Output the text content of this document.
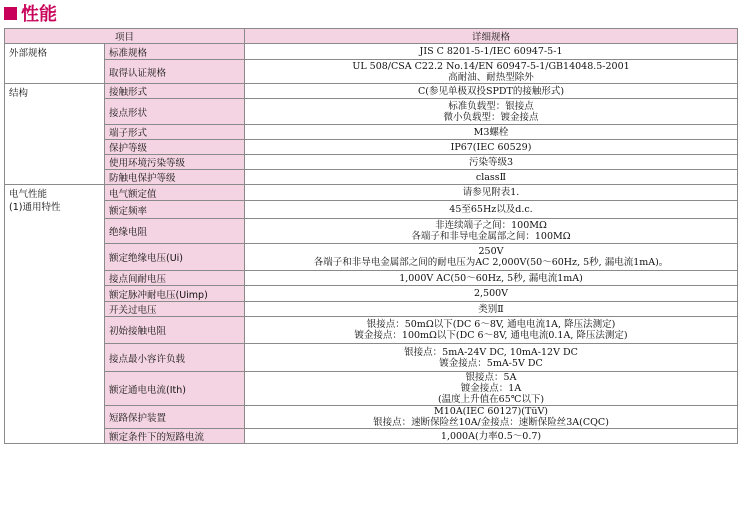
性能
项目		详细规格
外部规格	标准规格	JIS C 8201-5-1/IEC 60947-5-1
	取得认证规格	UL 508/CSA C22.2 No.14/EN 60947-5-1/GB14048.5-2001
高耐油、耐热型除外
结构	接触形式	C(参见单极双投SPDT的接触形式)
	接点形状	标准负载型：银接点
微小负载型：镀金接点
	端子形式	M3螺栓
	保护等级	IP67(IEC 60529)
	使用环境污染等级	污染等级3
	防触电保护等级	classⅡ
电气性能
(1)通用特性	电气额定值	请参见附表1.
	额定频率	45至65Hz以及d.c.
	绝缘电阻	非连续端子之间：100MΩ
各端子和非导电金属部之间：100MΩ
	额定绝缘电压(Ui)	250V
各端子和非导电金属部之间的耐电压为AC 2,000V(50～60Hz, 5秒, 漏电流1mA)。
	接点间耐电压	1,000V AC(50～60Hz, 5秒, 漏电流1mA)
	额定脉冲耐电压(Uimp)	2,500V
	开关过电压	类别Ⅱ
	初始接触电阻	银接点：50mΩ以下(DC 6～8V, 通电电流1A, 降压法测定)
镀金接点：100mΩ以下(DC 6～8V, 通电电流0.1A, 降压法测定)
	接点最小容许负载	银接点：5mA-24V DC, 10mA-12V DC
镀金接点：5mA-5V DC
	额定通电电流(Ith)	银接点：5A
镀金接点：1A
(温度上升值在65℃以下)
	短路保护装置	M10A(IEC 60127)(TüV)
银接点：速断保险丝10A/金接点：速断保险丝3A(CQC)
	额定条件下的短路电流	1,000A(力率0.5～0.7)
